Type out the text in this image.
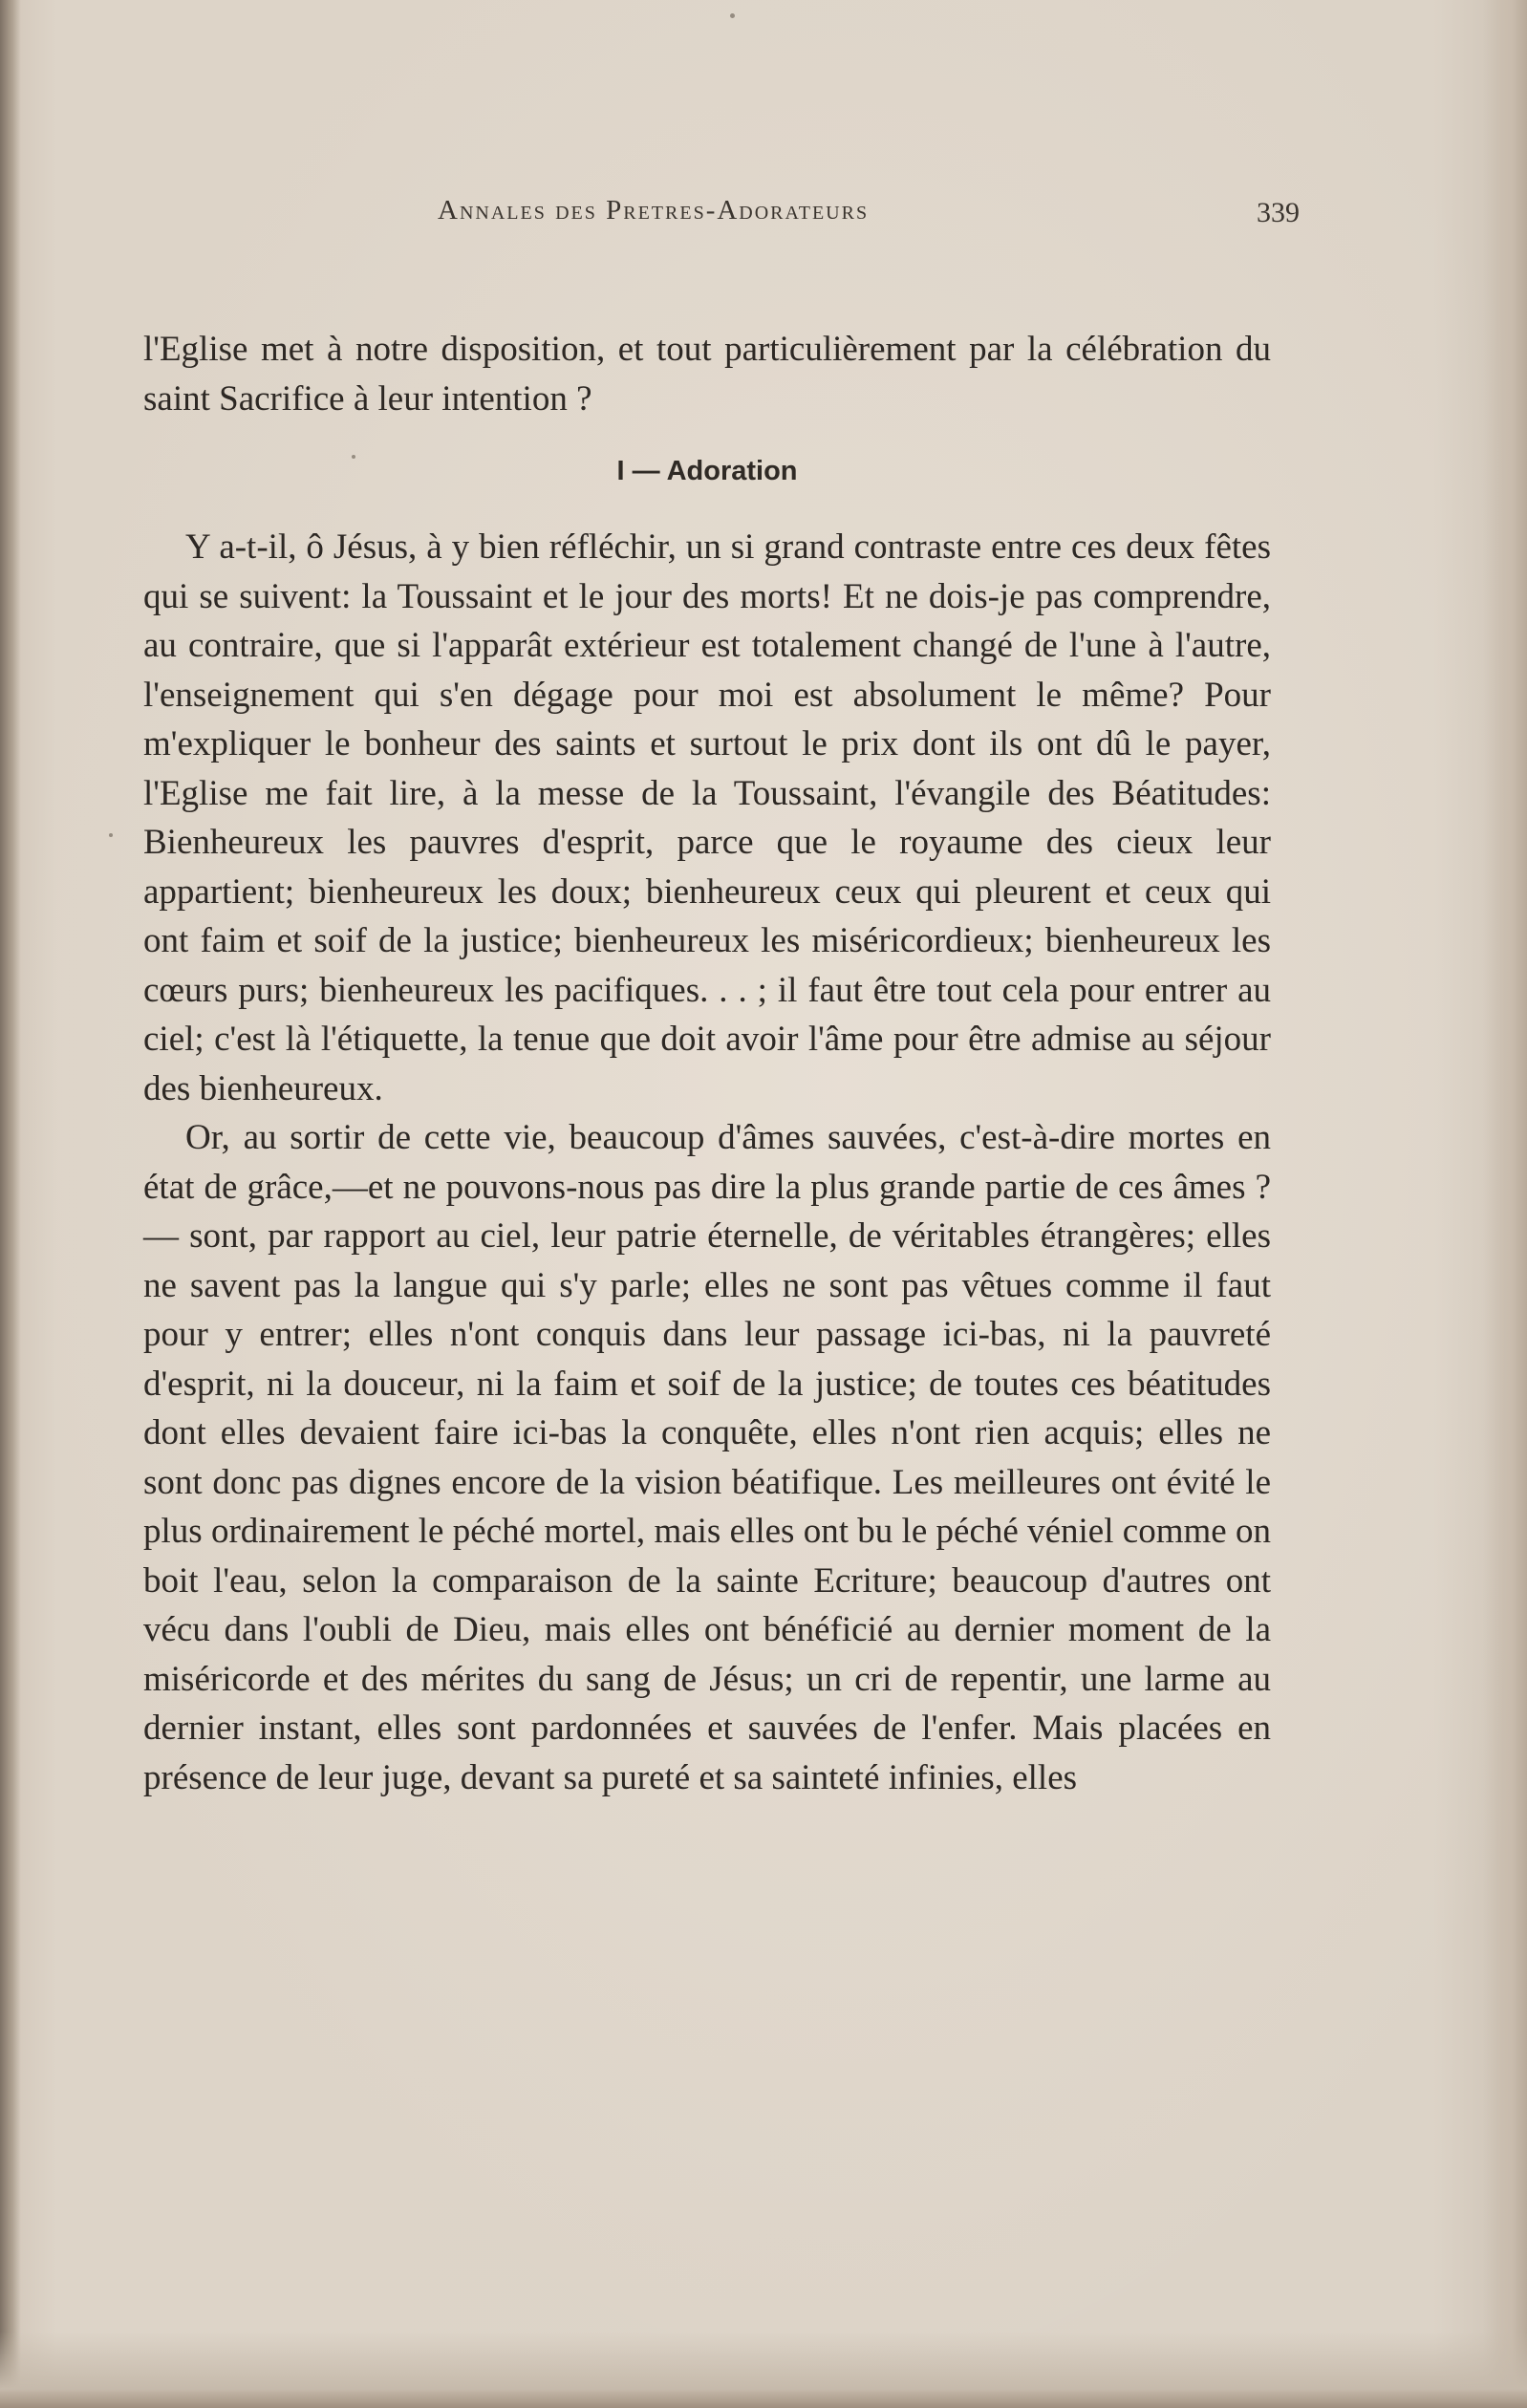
Annales des Pretres-Adorateurs	339

l'Eglise met à notre disposition, et tout particulièrement par la célébration du saint Sacrifice à leur intention ?

I — Adoration

Y a-t-il, ô Jésus, à y bien réfléchir, un si grand contraste entre ces deux fêtes qui se suivent: la Toussaint et le jour des morts! Et ne dois-je pas comprendre, au contraire, que si l'apparât extérieur est totalement changé de l'une à l'autre, l'enseignement qui s'en dégage pour moi est absolument le même? Pour m'expliquer le bonheur des saints et surtout le prix dont ils ont dû le payer, l'Eglise me fait lire, à la messe de la Toussaint, l'évangile des Béatitudes: Bienheureux les pauvres d'esprit, parce que le royaume des cieux leur appartient; bienheureux les doux; bienheureux ceux qui pleurent et ceux qui ont faim et soif de la justice; bienheureux les miséricordieux; bienheureux les cœurs purs; bienheureux les pacifiques. . . ; il faut être tout cela pour entrer au ciel; c'est là l'étiquette, la tenue que doit avoir l'âme pour être admise au séjour des bienheureux.

Or, au sortir de cette vie, beaucoup d'âmes sauvées, c'est-à-dire mortes en état de grâce,—et ne pouvons-nous pas dire la plus grande partie de ces âmes ?— sont, par rapport au ciel, leur patrie éternelle, de véritables étrangères; elles ne savent pas la langue qui s'y parle; elles ne sont pas vêtues comme il faut pour y entrer; elles n'ont conquis dans leur passage ici-bas, ni la pauvreté d'esprit, ni la douceur, ni la faim et soif de la justice; de toutes ces béatitudes dont elles devaient faire ici-bas la conquête, elles n'ont rien acquis; elles ne sont donc pas dignes encore de la vision béatifique. Les meilleures ont évité le plus ordinairement le péché mortel, mais elles ont bu le péché véniel comme on boit l'eau, selon la comparaison de la sainte Ecriture; beaucoup d'autres ont vécu dans l'oubli de Dieu, mais elles ont bénéficié au dernier moment de la miséricorde et des mérites du sang de Jésus; un cri de repentir, une larme au dernier instant, elles sont pardonnées et sauvées de l'enfer. Mais placées en présence de leur juge, devant sa pureté et sa sainteté infinies, elles
